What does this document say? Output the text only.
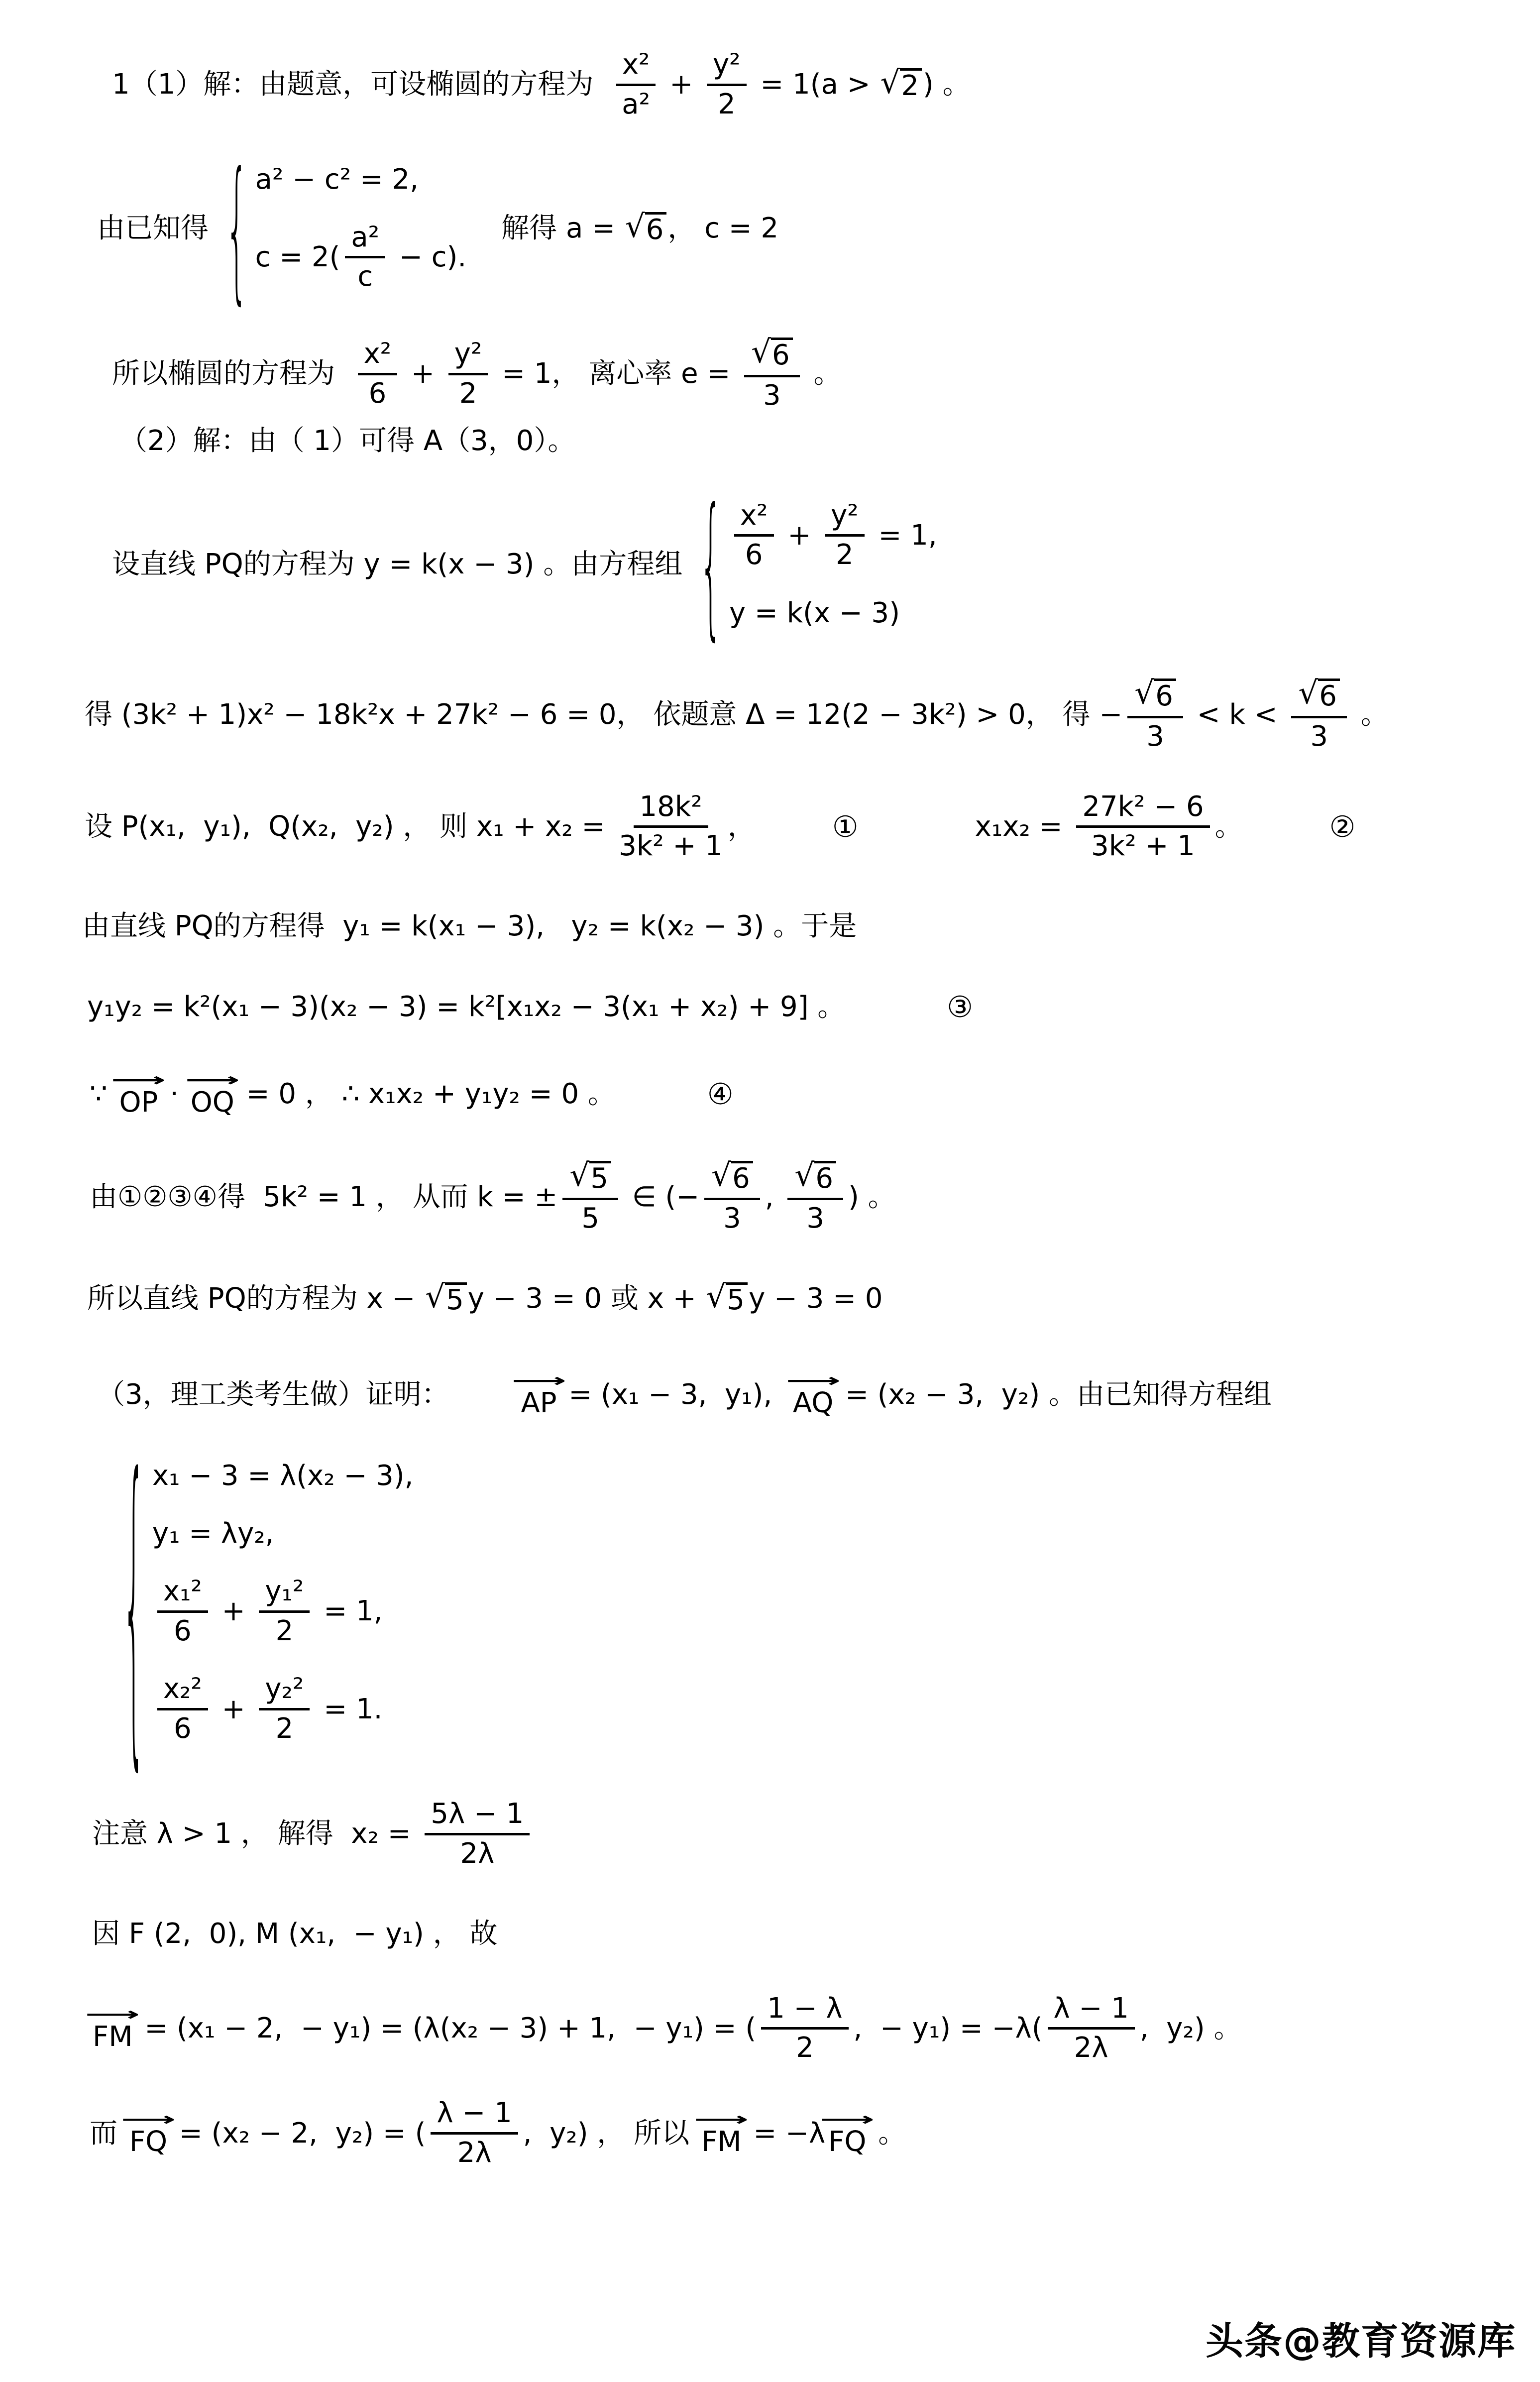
1（1）解：由题意，可设椭圆的方程为 $\frac{\text{x²}}{\text{a²}} + \frac{\text{y²}}{2} = 1(a$ > √ 2 ) 。
由已知得 { a² − c² = 2,
$c = 2( \frac{\text{a²}}{c} - c)$.
解得 a = √ 6 ， c = 2
所以椭圆的方程为 $\frac{\text{x²}}{6} + \frac{\text{y²}}{2} = 1$， 离心率 $e = \frac{√ 6}{3}$ 。
（2）解：由（ 1）可得 A（3，0）。
设直线 PQ的方程为 y = k(x − 3) 。由方程组 { $\frac{\text{x²}}{6} + \frac{\text{y²}}{2} = 1$,
y = k(x − 3)
得 (3k² + 1)x² − 18k²x + 27k² − 6 = 0， 依题意 Δ = 12(2 − 3k²) > 0， 得 − $\frac{√ 6}{3} < k < \frac{√ 6}{3}$ 。
设 P(x₁,  y₁),  Q(x₂,  y₂) ， 则 $x_1 + x_2 = \frac{\text{18k²}}{\text{3k² + 1}}$ ，	①	$x_1x_2 = \frac{\text{27k² − 6}}{\text{3k² + 1}}$ 。	②
由直线 PQ的方程得  y₁ = k(x₁ − 3),   y₂ = k(x₂ − 3) 。于是
y₁y₂ = k²(x₁ − 3)(x₂ − 3) = k²[x₁x₂ − 3(x₁ + x₂) + 9] 。	③
∵
⟶
OP ·
⟶
OQ = 0 ， ∴ x₁x₂ + y₁y₂ = 0 。	④
由①②③④得  5k² = 1 ， 从而 k = ± $\frac{√ 5}{5}$ ∈ (− $\frac{√ 6}{3}$ , $\frac{√ 6}{3}$ ) 。
所以直线 PQ的方程为 x − √ 5 y − 3 = 0 或 x + √ 5 y − 3 = 0
（3，理工类考生做）证明：	⟶
AP = (x₁ − 3,  y₁),
⟶
AQ = (x₂ − 3,  y₂) 。由已知得方程组
{ x₁ − 3 = λ(x₂ − 3),
y₁ = λy₂,
$\frac{\text{x₁²}}{6} + \frac{\text{y₁²}}{2} = 1$,
$\frac{\text{x₂²}}{6} + \frac{\text{y₂²}}{2} = 1$.
注意 λ > 1 ， 解得  $x_2 = \frac{5\lambda - 1}{2\lambda}$
因 F (2,  0), M (x₁,  − y₁) ， 故
⟶
FM = (x₁ − 2,  − y₁) = (λ(x₂ − 3) + 1,  − y₁) = ( $\frac{1 - \lambda}{2}$ ,  − $y_1) = -\lambda( \frac{\lambda - 1}{2\lambda}$ ,  y₂) 。
而
⟶
FQ = (x₂ − 2,  y₂) = ( $\frac{\lambda - 1}{2\lambda}$ ,  y₂) ， 所以
⟶
FM = −λ
⟶
FQ 。
头条@教育资源库
